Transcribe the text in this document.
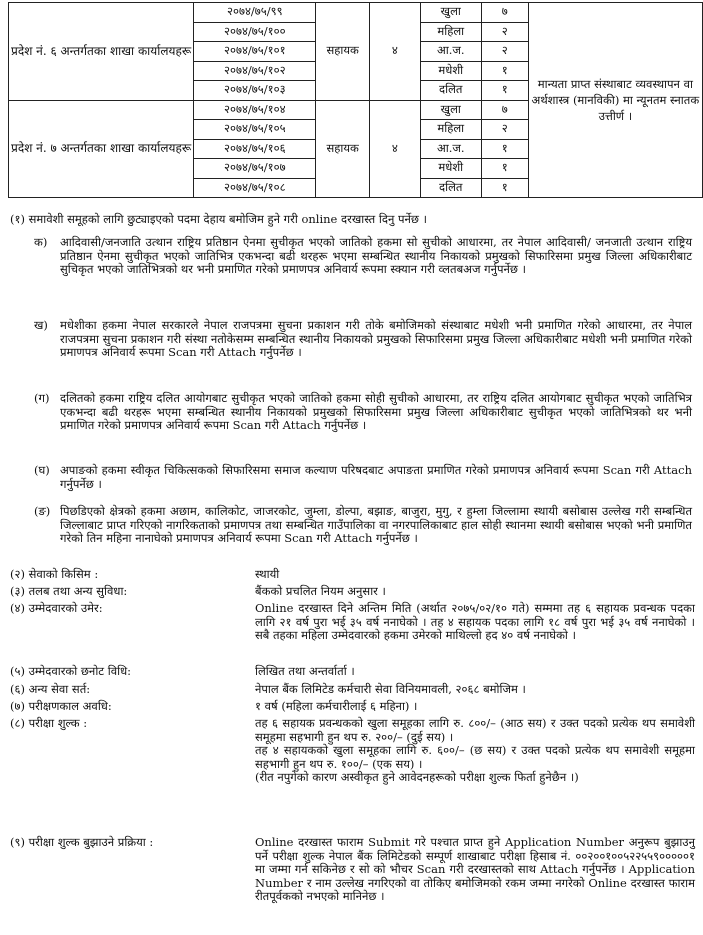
प्रदेश नं. ६ अन्तर्गतका शाखा कार्यालयहरू	२०७४/७५/९९	सहायक	४	खुला	७	मान्यता प्राप्त संस्थाबाट व्यवस्थापन वा अर्थशास्त्र (मानविकी) मा न्यूनतम स्नातक उत्तीर्ण ।
	२०७४/७५/१००			महिला	२	
	२०७४/७५/१०१			आ.ज.	२	
	२०७४/७५/१०२			मधेशी	१	
	२०७४/७५/१०३			दलित	१	
प्रदेश नं. ७ अन्तर्गतका शाखा कार्यालयहरू	२०७४/७५/१०४	सहायक	४	खुला	७	
	२०७४/७५/१०५			महिला	२	
	२०७४/७५/१०६			आ.ज.	१	
	२०७४/७५/१०७			मधेशी	१	
	२०७४/७५/१०८			दलित	१	
(१) समावेशी समूहको लागि छुट्याइएको पदमा देहाय बमोजिम हुने गरी online दरखास्त दिनु पर्नेछ ।
क) आदिवासी/जनजाति उत्थान राष्ट्रिय प्रतिष्ठान ऐनमा सुचीकृत भएको जातिको हकमा सो सुचीको आधारमा, तर नेपाल आदिवासी/ जनजाती उत्थान राष्ट्रिय प्रतिष्ठान ऐनमा सुचीकृत भएको जातिभित्र एकभन्दा बढी थरहरू भएमा सम्बन्धित स्थानीय निकायको प्रमुखको सिफारिसमा प्रमुख जिल्ला अधिकारीबाट सुचिकृत भएको जातिभित्रको थर भनी प्रमाणित गरेको प्रमाणपत्र अनिवार्य रूपमा स्क्यान गरी व्लतबअज गर्नुपर्नेछ ।
ख) मधेशीका हकमा नेपाल सरकारले नेपाल राजपत्रमा सुचना प्रकाशन गरी तोके बमोजिमको संस्थाबाट मधेशी भनी प्रमाणित गरेको आधारमा, तर नेपाल राजपत्रमा सुचना प्रकाशन गरी संस्था नतोकेसम्म सम्बन्धित स्थानीय निकायको प्रमुखको सिफारिसमा प्रमुख जिल्ला अधिकारीबाट मधेशी भनी प्रमाणित गरेको प्रमाणपत्र अनिवार्य रूपमा Scan गरी Attach गर्नुपर्नेछ ।
(ग) दलितको हकमा राष्ट्रिय दलित आयोगबाट सुचीकृत भएको जातिको हकमा सोही सुचीको आधारमा, तर राष्ट्रिय दलित आयोगबाट सुचीकृत भएको जातिभित्र एकभन्दा बढी थरहरू भएमा सम्बन्धित स्थानीय निकायको प्रमुखको सिफारिसमा प्रमुख जिल्ला अधिकारीबाट सुचीकृत भएको जातिभित्रको थर भनी प्रमाणित गरेको प्रमाणपत्र अनिवार्य रूपमा Scan गरी Attach गर्नुपर्नेछ ।
(घ) अपाङको हकमा स्वीकृत चिकित्सकको सिफारिसमा समाज कल्याण परिषदबाट अपाङता प्रमाणित गरेको प्रमाणपत्र अनिवार्य रूपमा Scan गरी Attach गर्नुपर्नेछ ।
(ङ) पिछडिएको क्षेत्रको हकमा अछाम, कालिकोट, जाजरकोट, जुम्ला, डोल्पा, बझाङ, बाजुरा, मुगु, र हुम्ला जिल्लामा स्थायी बसोबास उल्लेख गरी सम्बन्धित जिल्लाबाट प्राप्त गरिएको नागरिकताको प्रमाणपत्र तथा सम्बन्धित गाउँपालिका वा नगरपालिकाबाट हाल सोही स्थानमा स्थायी बसोबास भएको भनी प्रमाणित गरेको तिन महिना नानाघेको प्रमाणपत्र अनिवार्य रूपमा Scan गरी Attach गर्नुपर्नेछ ।
(२) सेवाको किसिम :	स्थायी

(३) तलब तथा अन्य सुविधा:	बैंकको प्रचलित नियम अनुसार ।

(४) उम्मेदवारको उमेर:	Online दरखास्त दिने अन्तिम मिति (अर्थात २०७५/०२/१० गते) सम्ममा तह ६ सहायक प्रवन्धक पदका लागि २१ वर्ष पुरा भई ३५ वर्ष ननाघेको । तह ४ सहायक पदका लागि १८ वर्ष पुरा भई ३५ वर्ष ननाघेको । सबै तहका महिला उम्मेदवारको हकमा उमेरको माथिल्लो हद ४० वर्ष ननाघेको ।

(५) उम्मेदवारको छनोट विधि:	लिखित तथा अन्तर्वार्ता ।

(६) अन्य सेवा सर्त:	नेपाल बैंक लिमिटेड कर्मचारी सेवा विनियमावली, २०६८ बमोजिम ।

(७) परीक्षणकाल अवधि:	१ वर्ष (महिला कर्मचारीलाई ६ महिना) ।

(८) परीक्षा शुल्क :	तह ६ सहायक प्रवन्धकको खुला समूहका लागि रु. ८००/– (आठ सय) र उक्त पदको प्रत्येक थप समावेशी समूहमा सहभागी हुन थप रु. २००/– (दुई सय) ।

तह ४ सहायकको खुला समूहका लागि रु. ६००/– (छ सय) र उक्त पदको प्रत्येक थप समावेशी समूहमा सहभागी हुन थप रु. १००/– (एक सय) ।

(रीत नपुगेको कारण अस्वीकृत हुने आवेदनहरूको परीक्षा शुल्क फिर्ता हुनेछैन ।)

(९) परीक्षा शुल्क बुझाउने प्रक्रिया :	Online दरखास्त फाराम Submit गरे पश्चात प्राप्त हुने Application Number अनुरूप बुझाउनु पर्ने परीक्षा शुल्क नेपाल बैंक लिमिटेडको सम्पूर्ण शाखाबाट परीक्षा हिसाब नं. ००२००१००५२२५५९०००००१ मा जम्मा गर्न सकिनेछ र सो को भौचर Scan गरी दरखास्तको साथ Attach गर्नुपर्नेछ । Application Number र नाम उल्लेख नगरिएको वा तोकिए बमोजिमको रकम जम्मा नगरेको Online दरखास्त फाराम रीतपूर्वकको नभएको मानिनेछ ।
